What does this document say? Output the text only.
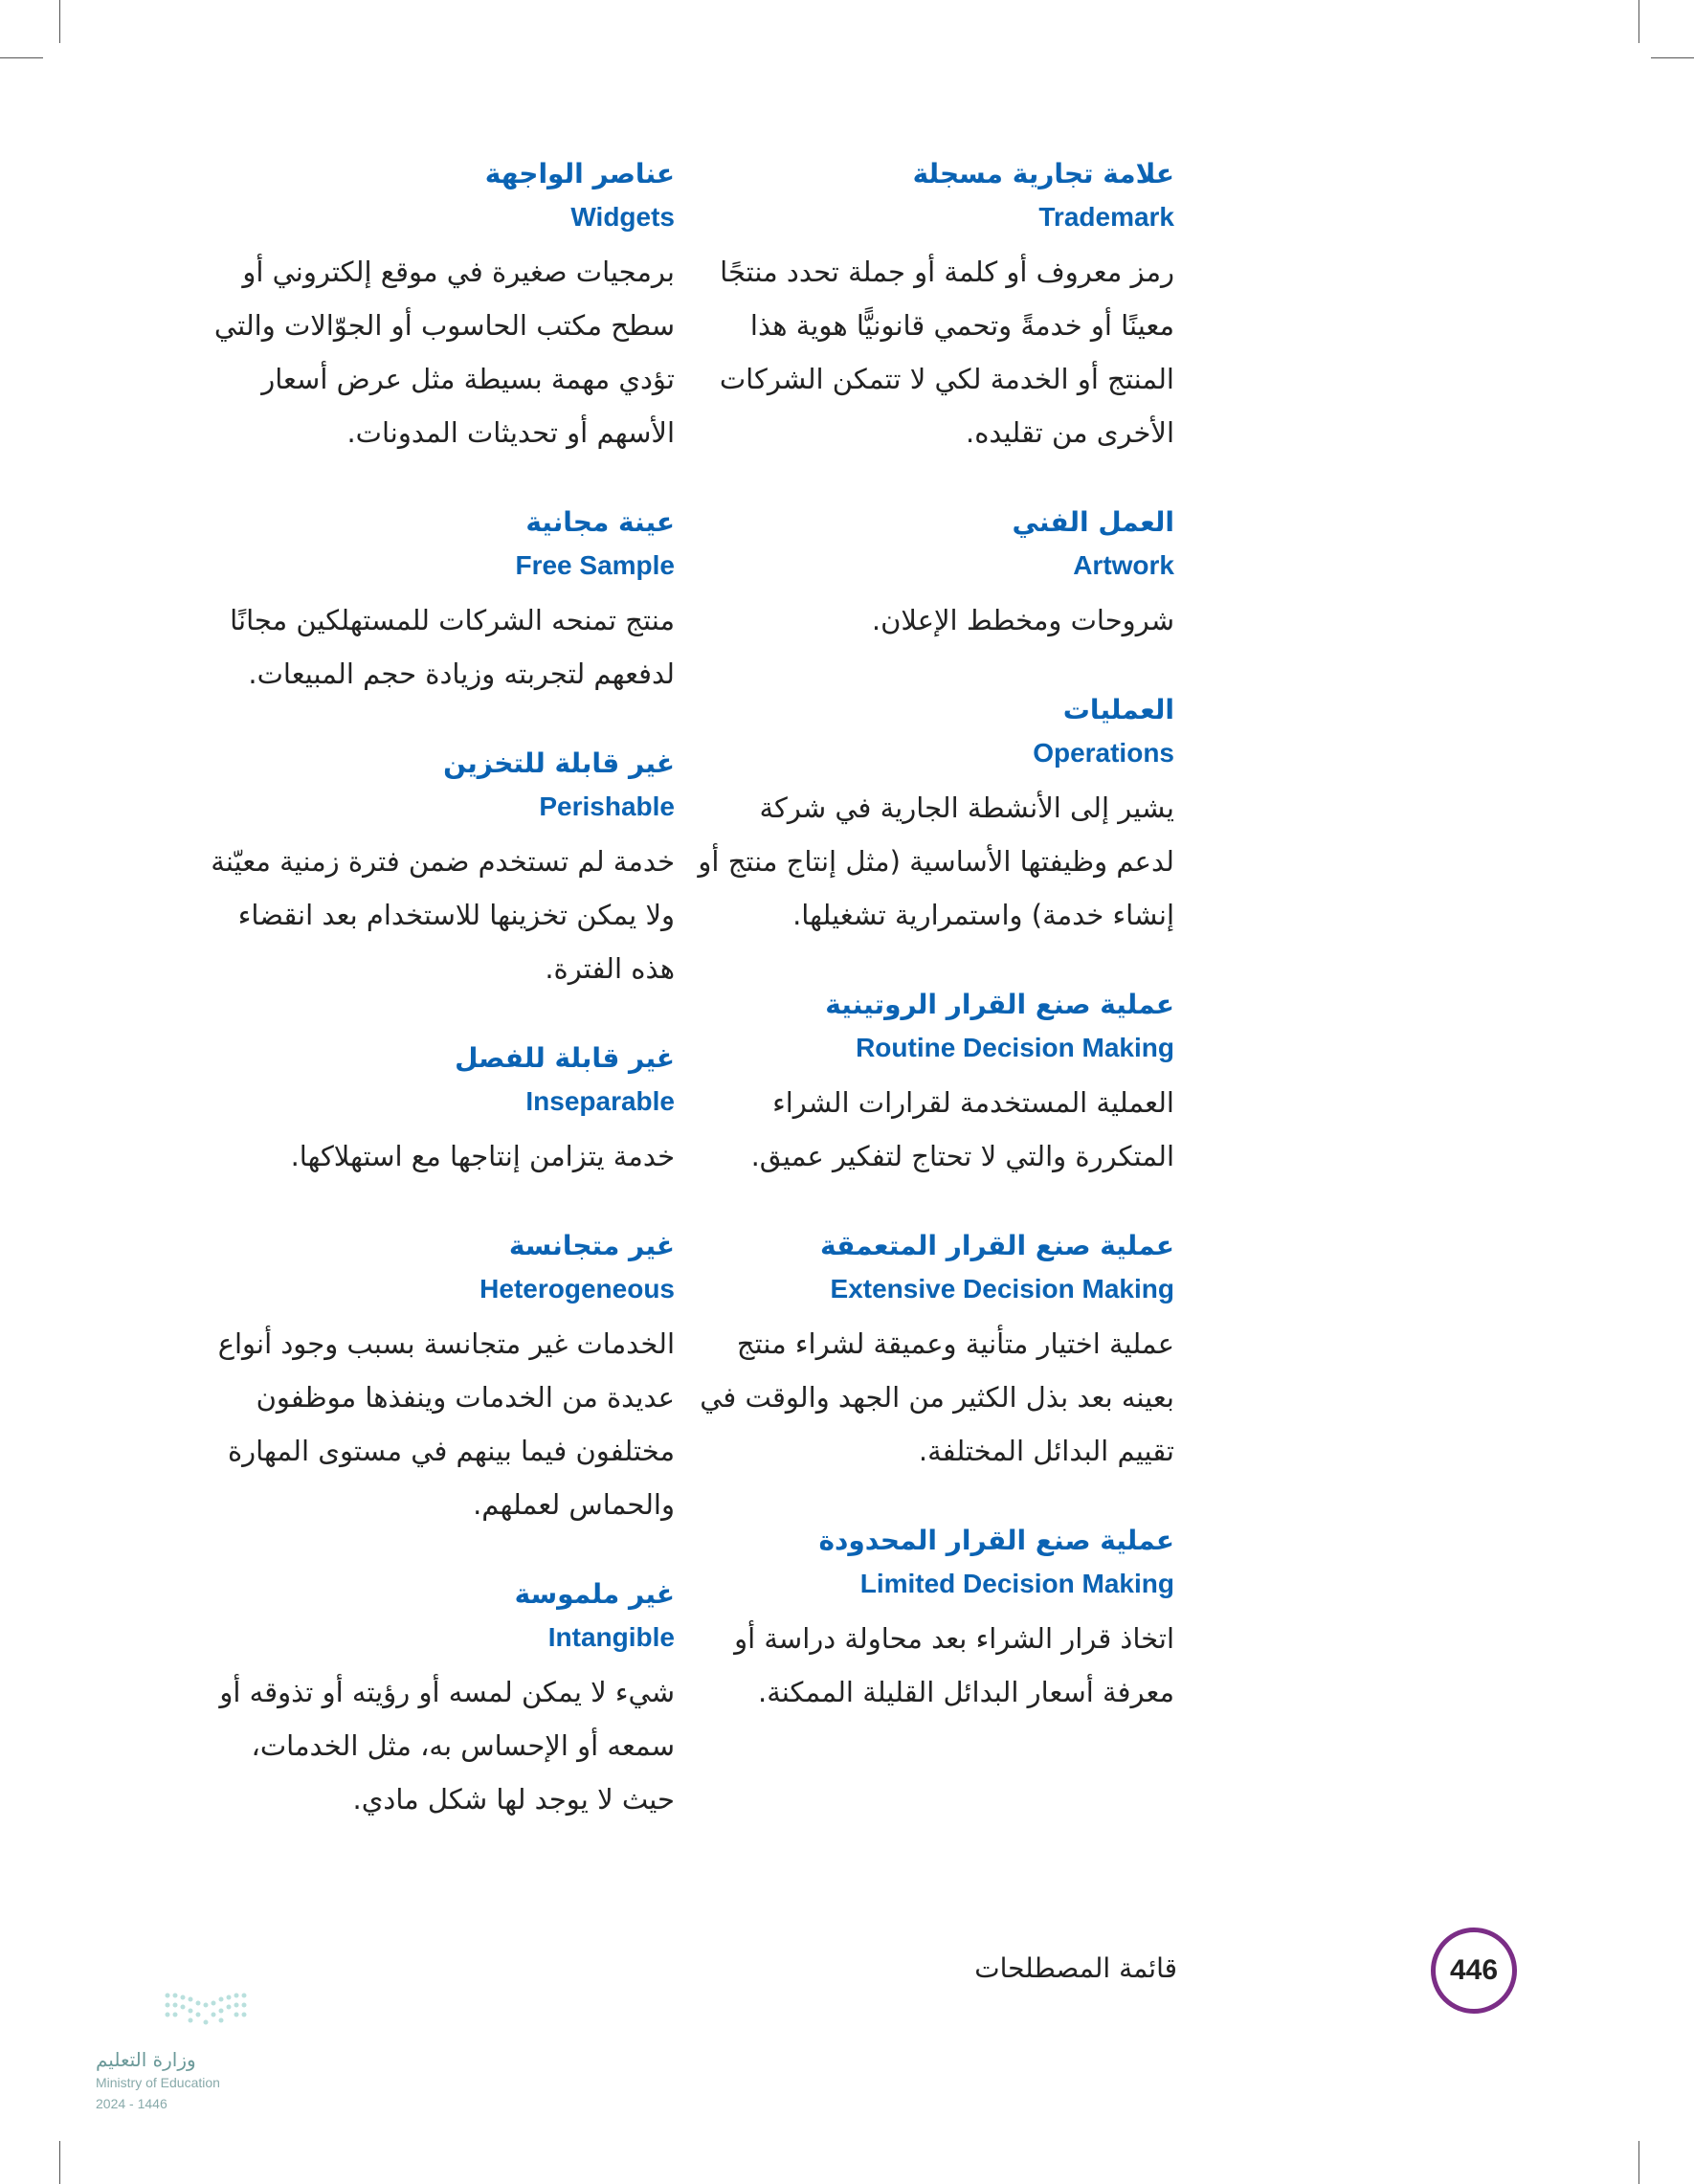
علامة تجارية مسجلة
Trademark
رمز معروف أو كلمة أو جملة تحدد منتجًا معينًا أو خدمةً وتحمي قانونيًّا هوية هذا المنتج أو الخدمة لكي لا تتمكن الشركات الأخرى من تقليده.
العمل الفني
Artwork
شروحات ومخطط الإعلان.
العمليات
Operations
يشير إلى الأنشطة الجارية في شركة لدعم وظيفتها الأساسية (مثل إنتاج منتج أو إنشاء خدمة) واستمرارية تشغيلها.
عملية صنع القرار الروتينية
Routine Decision Making
العملية المستخدمة لقرارات الشراء المتكررة والتي لا تحتاج لتفكير عميق.
عملية صنع القرار المتعمقة
Extensive Decision Making
عملية اختيار متأنية وعميقة لشراء منتج بعينه بعد بذل الكثير من الجهد والوقت في تقييم البدائل المختلفة.
عملية صنع القرار المحدودة
Limited Decision Making
اتخاذ قرار الشراء بعد محاولة دراسة أو معرفة أسعار البدائل القليلة الممكنة.
عناصر الواجهة
Widgets
برمجيات صغيرة في موقع إلكتروني أو سطح مكتب الحاسوب أو الجوّالات والتي تؤدي مهمة بسيطة مثل عرض أسعار الأسهم أو تحديثات المدونات.
عينة مجانية
Free Sample
منتج تمنحه الشركات للمستهلكين مجانًا لدفعهم لتجربته وزيادة حجم المبيعات.
غير قابلة للتخزين
Perishable
خدمة لم تستخدم ضمن فترة زمنية معيّنة ولا يمكن تخزينها للاستخدام بعد انقضاء هذه الفترة.
غير قابلة للفصل
Inseparable
خدمة يتزامن إنتاجها مع استهلاكها.
غير متجانسة
Heterogeneous
الخدمات غير متجانسة بسبب وجود أنواع عديدة من الخدمات وينفذها موظفون مختلفون فيما بينهم في مستوى المهارة والحماس لعملهم.
غير ملموسة
Intangible
شيء لا يمكن لمسه أو رؤيته أو تذوقه أو سمعه أو الإحساس به، مثل الخدمات، حيث لا يوجد لها شكل مادي.
قائمة المصطلحات	446
وزارة التعليم
Ministry of Education
2024 - 1446
